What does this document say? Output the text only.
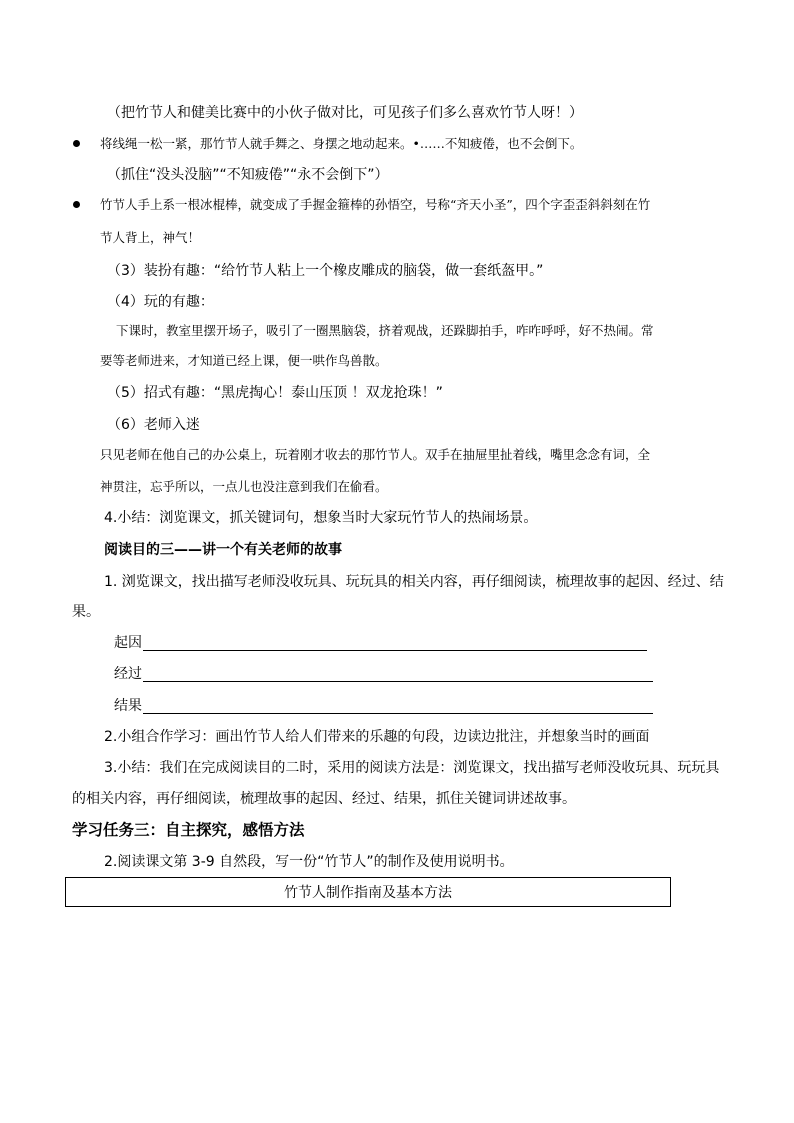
（把竹节人和健美比赛中的小伙子做对比，可见孩子们多么喜欢竹节人呀！）
将线绳一松一紧，那竹节人就手舞之、身摆之地动起来。•……不知疲倦，也不会倒下。
（抓住“没头没脑”“不知疲倦”“永不会倒下”）
竹节人手上系一根冰棍棒，就变成了手握金箍棒的孙悟空，号称“齐天小圣”，四个字歪歪斜斜刻在竹
节人背上，神气！
（3）装扮有趣：“给竹节人粘上一个橡皮雕成的脑袋，做一套纸盔甲。”
（4）玩的有趣：
下课时，教室里摆开场子，吸引了一圈黑脑袋，挤着观战，还跺脚拍手，咋咋呼呼，好不热闹。常
要等老师进来，才知道已经上课，便一哄作鸟兽散。
（5）招式有趣：“黑虎掏心！泰山压顶 ！双龙抢珠！”
（6）老师入迷
只见老师在他自己的办公桌上，玩着刚才收去的那竹节人。双手在抽屉里扯着线，嘴里念念有词，全
神贯注，忘乎所以，一点儿也没注意到我们在偷看。
4.小结：浏览课文，抓关键词句，想象当时大家玩竹节人的热闹场景。
阅读目的三——讲一个有关老师的故事
1. 浏览课文，找出描写老师没收玩具、玩玩具的相关内容，再仔细阅读，梳理故事的起因、经过、结
果。
起因
经过
结果
2.小组合作学习：画出竹节人给人们带来的乐趣的句段，边读边批注，并想象当时的画面
3.小结：我们在完成阅读目的二时，采用的阅读方法是：浏览课文，找出描写老师没收玩具、玩玩具
的相关内容，再仔细阅读，梳理故事的起因、经过、结果，抓住关键词讲述故事。
学习任务三：自主探究，感悟方法
2.阅读课文第 3-9 自然段，写一份“竹节人”的制作及使用说明书。
竹节人制作指南及基本方法
